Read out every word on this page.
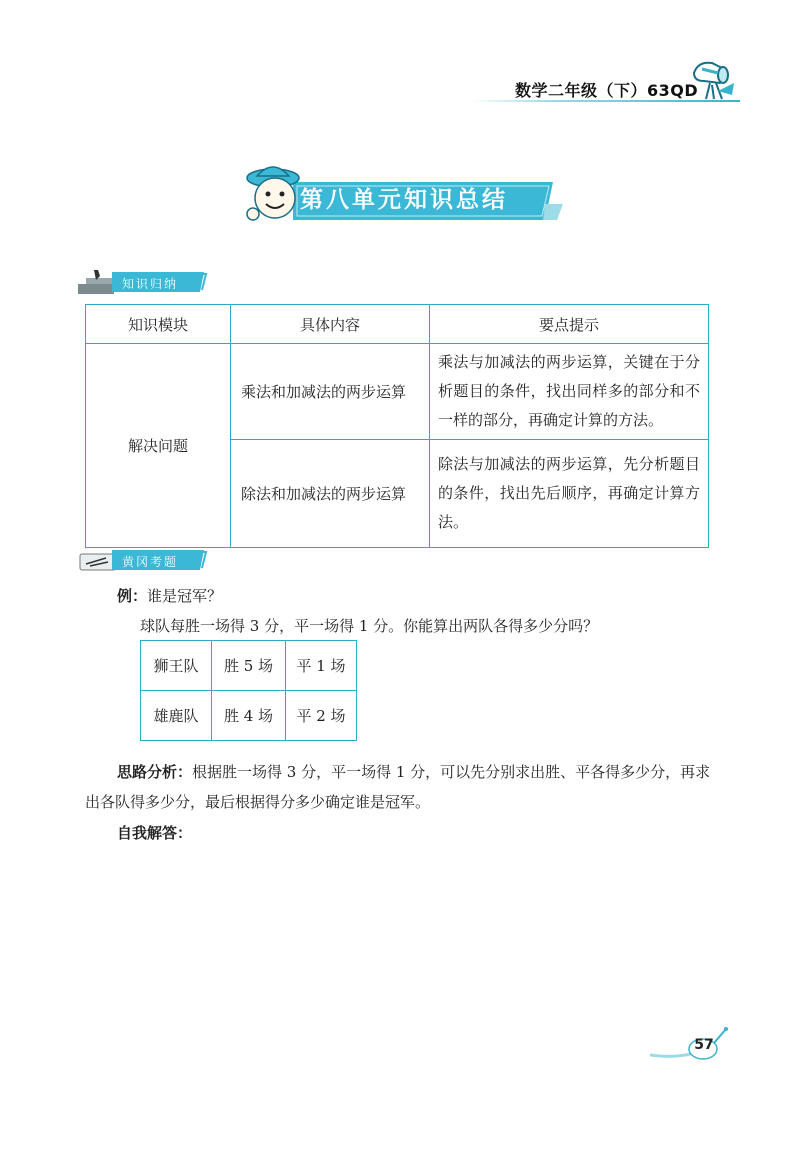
数学二年级（下）63QD
第八单元知识总结
知识归纳
知识模块	具体内容	要点提示
解决问题	乘法和加减法的两步运算	乘法与加减法的两步运算，关键在于分析题目的条件，找出同样多的部分和不一样的部分，再确定计算的方法。
	除法和加减法的两步运算	除法与加减法的两步运算，先分析题目的条件，找出先后顺序，再确定计算方法。
黄冈考题
例：谁是冠军？
球队每胜一场得 3 分，平一场得 1 分。你能算出两队各得多少分吗？
狮王队	胜 5 场	平 1 场
雄鹿队	胜 4 场	平 2 场
思路分析：根据胜一场得 3 分，平一场得 1 分，可以先分别求出胜、平各得多少分，再求出各队得多少分，最后根据得分多少确定谁是冠军。
自我解答：
57
